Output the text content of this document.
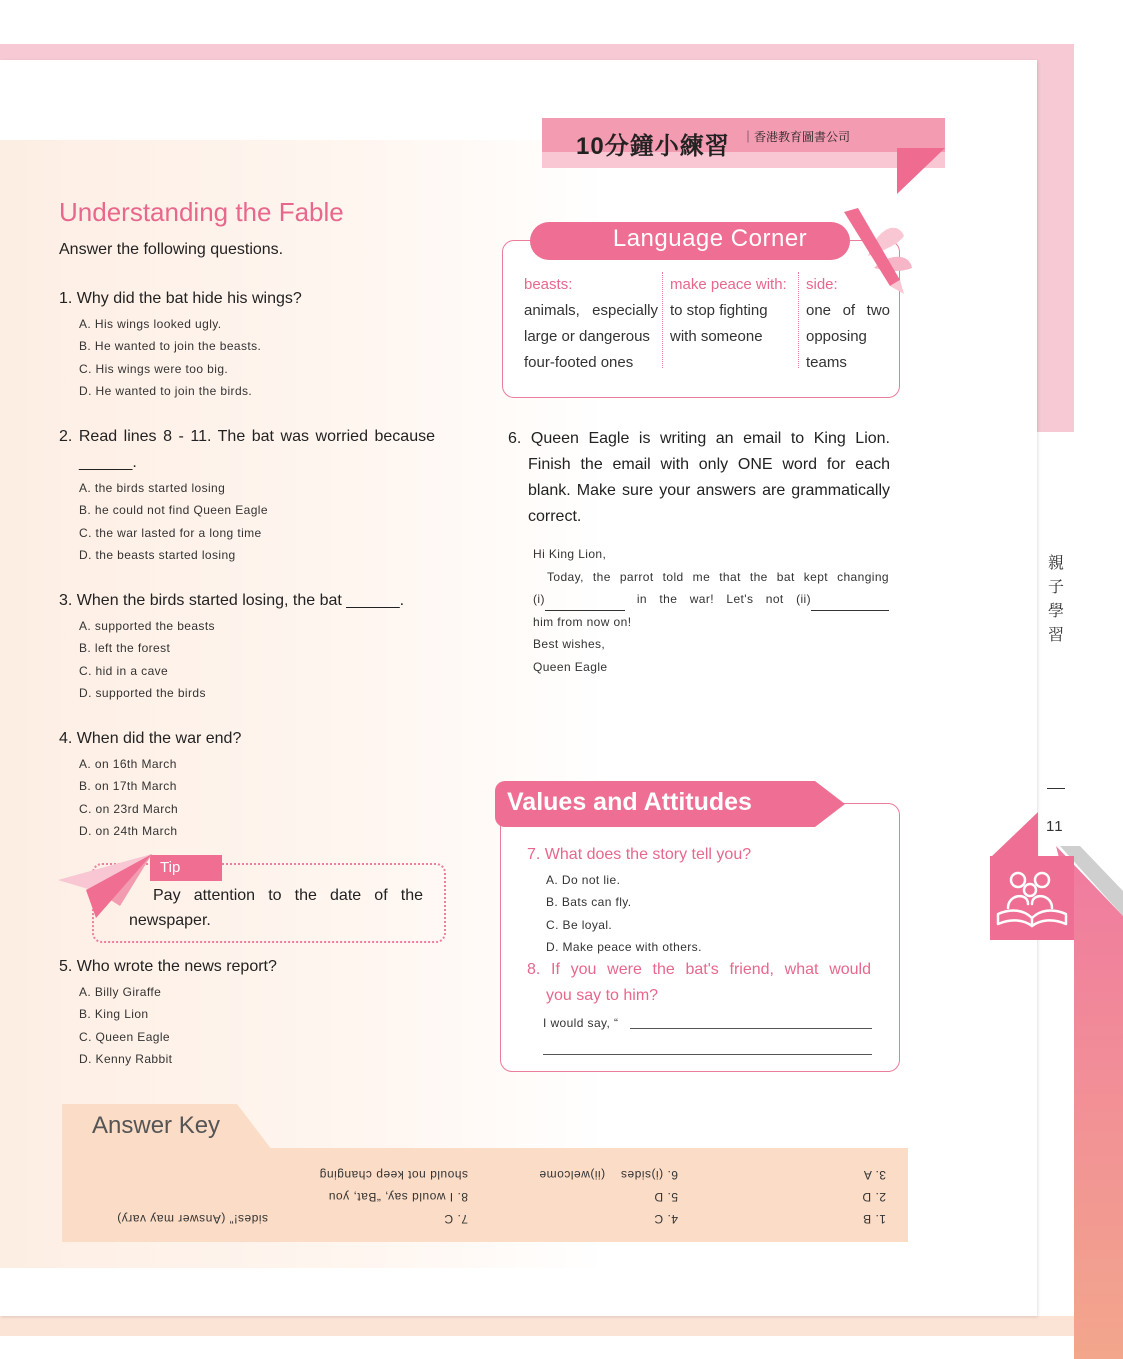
10分鐘小練習 ｜香港教育圖書公司
Understanding the Fable
Answer the following questions.
1. Why did the bat hide his wings?
A. His wings looked ugly.
B. He wanted to join the beasts.
C. His wings were too big.
D. He wanted to join the birds.
2. Read lines 8 - 11. The bat was worried because
______.
A. the birds started losing
B. he could not find Queen Eagle
C. the war lasted for a long time
D. the beasts started losing
3. When the birds started losing, the bat ______.
A. supported the beasts
B. left the forest
C. hid in a cave
D. supported the birds
4. When did the war end?
A. on 16th March
B. on 17th March
C. on 23rd March
D. on 24th March
Tip
Pay attention to the date of the
newspaper.
5. Who wrote the news report?
A. Billy Giraffe
B. King Lion
C. Queen Eagle
D. Kenny Rabbit
Language Corner
beasts:
animals, especially
large or dangerous
four-footed ones
make peace with:
to stop fighting
with someone
side:
one of two
opposing
teams
6. Queen Eagle is writing an email to King Lion. Finish the email with only ONE word for each blank. Make sure your answers are grammatically correct.
Hi King Lion,
Today, the parrot told me that the bat kept changing
(i)	in the war! Let's not (ii)
him from now on!
Best wishes,
Queen Eagle
Values and Attitudes
7. What does the story tell you?
A. Do not lie.
B. Bats can fly.
C. Be loyal.
D. Make peace with others.
8. If you were the bat's friend, what would
you say to him?
I would say, “
Answer Key
1. B
2. D
3. A
4. C
5. D
6. (i)sides    (ii)welcome
7. C
8. I would say, “Bat, you
should not keep changing
sides!” (Answer may vary)
親子學習
11
